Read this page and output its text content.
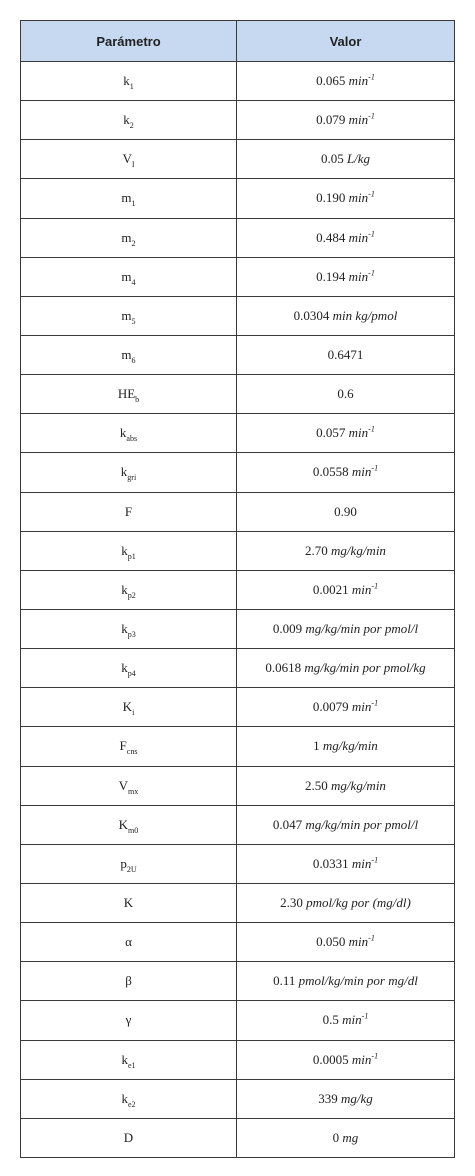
Parámetro	Valor
$k_1$	0.065 $\min^{-1}$
$k_2$	0.079 $\min^{-1}$
$V_I$	0.05 L/kg
$m_1$	0.190 $\min^{-1}$
$m_2$	0.484 $\min^{-1}$
$m_4$	0.194 $\min^{-1}$
$m_5$	0.0304 min kg/pmol
$m_6$	0.6471
$HE_b$	0.6
$k_{abs}$	0.057 $\min^{-1}$
$k_{gri}$	0.0558 $\min^{-1}$
F	0.90
$k_{p1}$	2.70 mg/kg/min
$k_{p2}$	0.0021 $\min^{-1}$
$k_{p3}$	0.009 mg/kg/min por pmol/l
$k_{p4}$	0.0618 mg/kg/min por pmol/kg
$K_i$	0.0079 $\min^{-1}$
$F_{cns}$	1 mg/kg/min
$V_{mx}$	2.50 mg/kg/min
$K_{m0}$	0.047 mg/kg/min por pmol/l
$p_{2U}$	0.0331 $\min^{-1}$
K	2.30 pmol/kg por (mg/dl)
α	0.050 $\min^{-1}$
β	0.11 pmol/kg/min por mg/dl
γ	0.5 $\min^{-1}$
$k_{e1}$	0.0005 $\min^{-1}$
$k_{e2}$	339 mg/kg
D	0 mg
